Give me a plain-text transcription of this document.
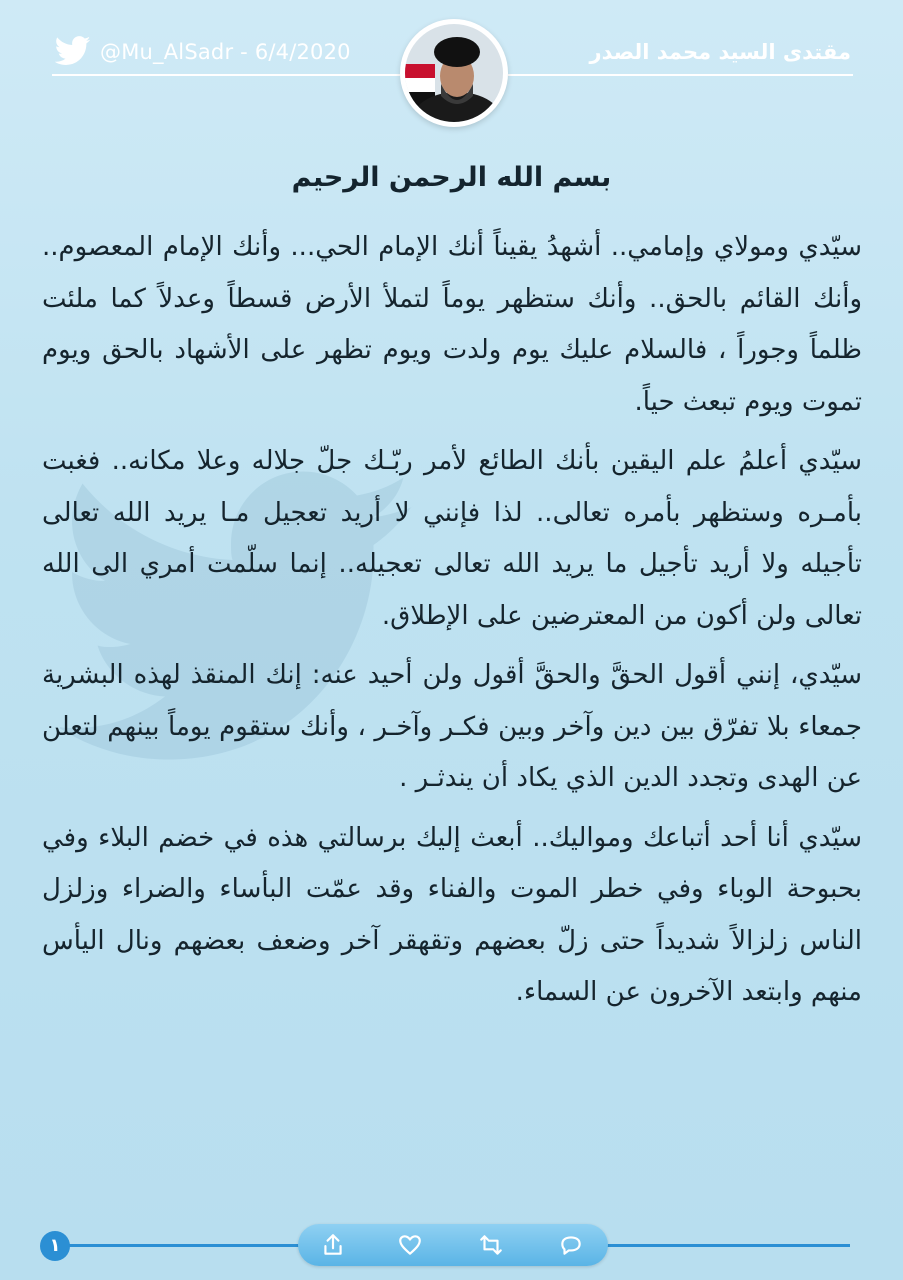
@Mu_AlSadr - 6/4/2020	مقتدى السيد محمد الصدر
بسم الله الرحمن الرحيم

سيّدي ومولاي وإمامي.. أشهدُ يقيناً أنك الإمام الحي... وأنك الإمام المعصوم.. وأنك القائم بالحق.. وأنك ستظهر يوماً لتملأ الأرض قسطاً وعدلاً كما ملئت ظلماً وجوراً ، فالسلام عليك يوم ولدت ويوم تظهر على الأشهاد بالحق ويوم تموت ويوم تبعث حياً.

سيّدي أعلمُ علم اليقين بأنك الطائع لأمر ربّـك جلّ جلاله وعلا مكانه.. فغبت بأمـره وستظهر بأمره تعالى.. لذا فإنني لا أريد تعجيل مـا يريد الله تعالى تأجيله ولا أريد تأجيل ما يريد الله تعالى تعجيله.. إنما سلّمت أمري الى الله تعالى ولن أكون من المعترضين على الإطلاق.

سيّدي، إنني أقول الحقَّ والحقَّ أقول ولن أحيد عنه: إنك المنقذ لهذه البشرية جمعاء بلا تفرّق بين دين وآخر وبين فكـر وآخـر ، وأنك ستقوم يوماً بينهم لتعلن عن الهدى وتجدد الدين الذي يكاد أن يندثـر .

سيّدي أنا أحد أتباعك ومواليك.. أبعث إليك برسالتي هذه في خضم البلاء وفي بحبوحة الوباء وفي خطر الموت والفناء وقد عمّت البأساء والضراء وزلزل الناس زلزالاً شديداً حتى زلّ بعضهم وتقهقر آخر وضعف بعضهم ونال اليأس منهم وابتعد الآخرون عن السماء.

١
